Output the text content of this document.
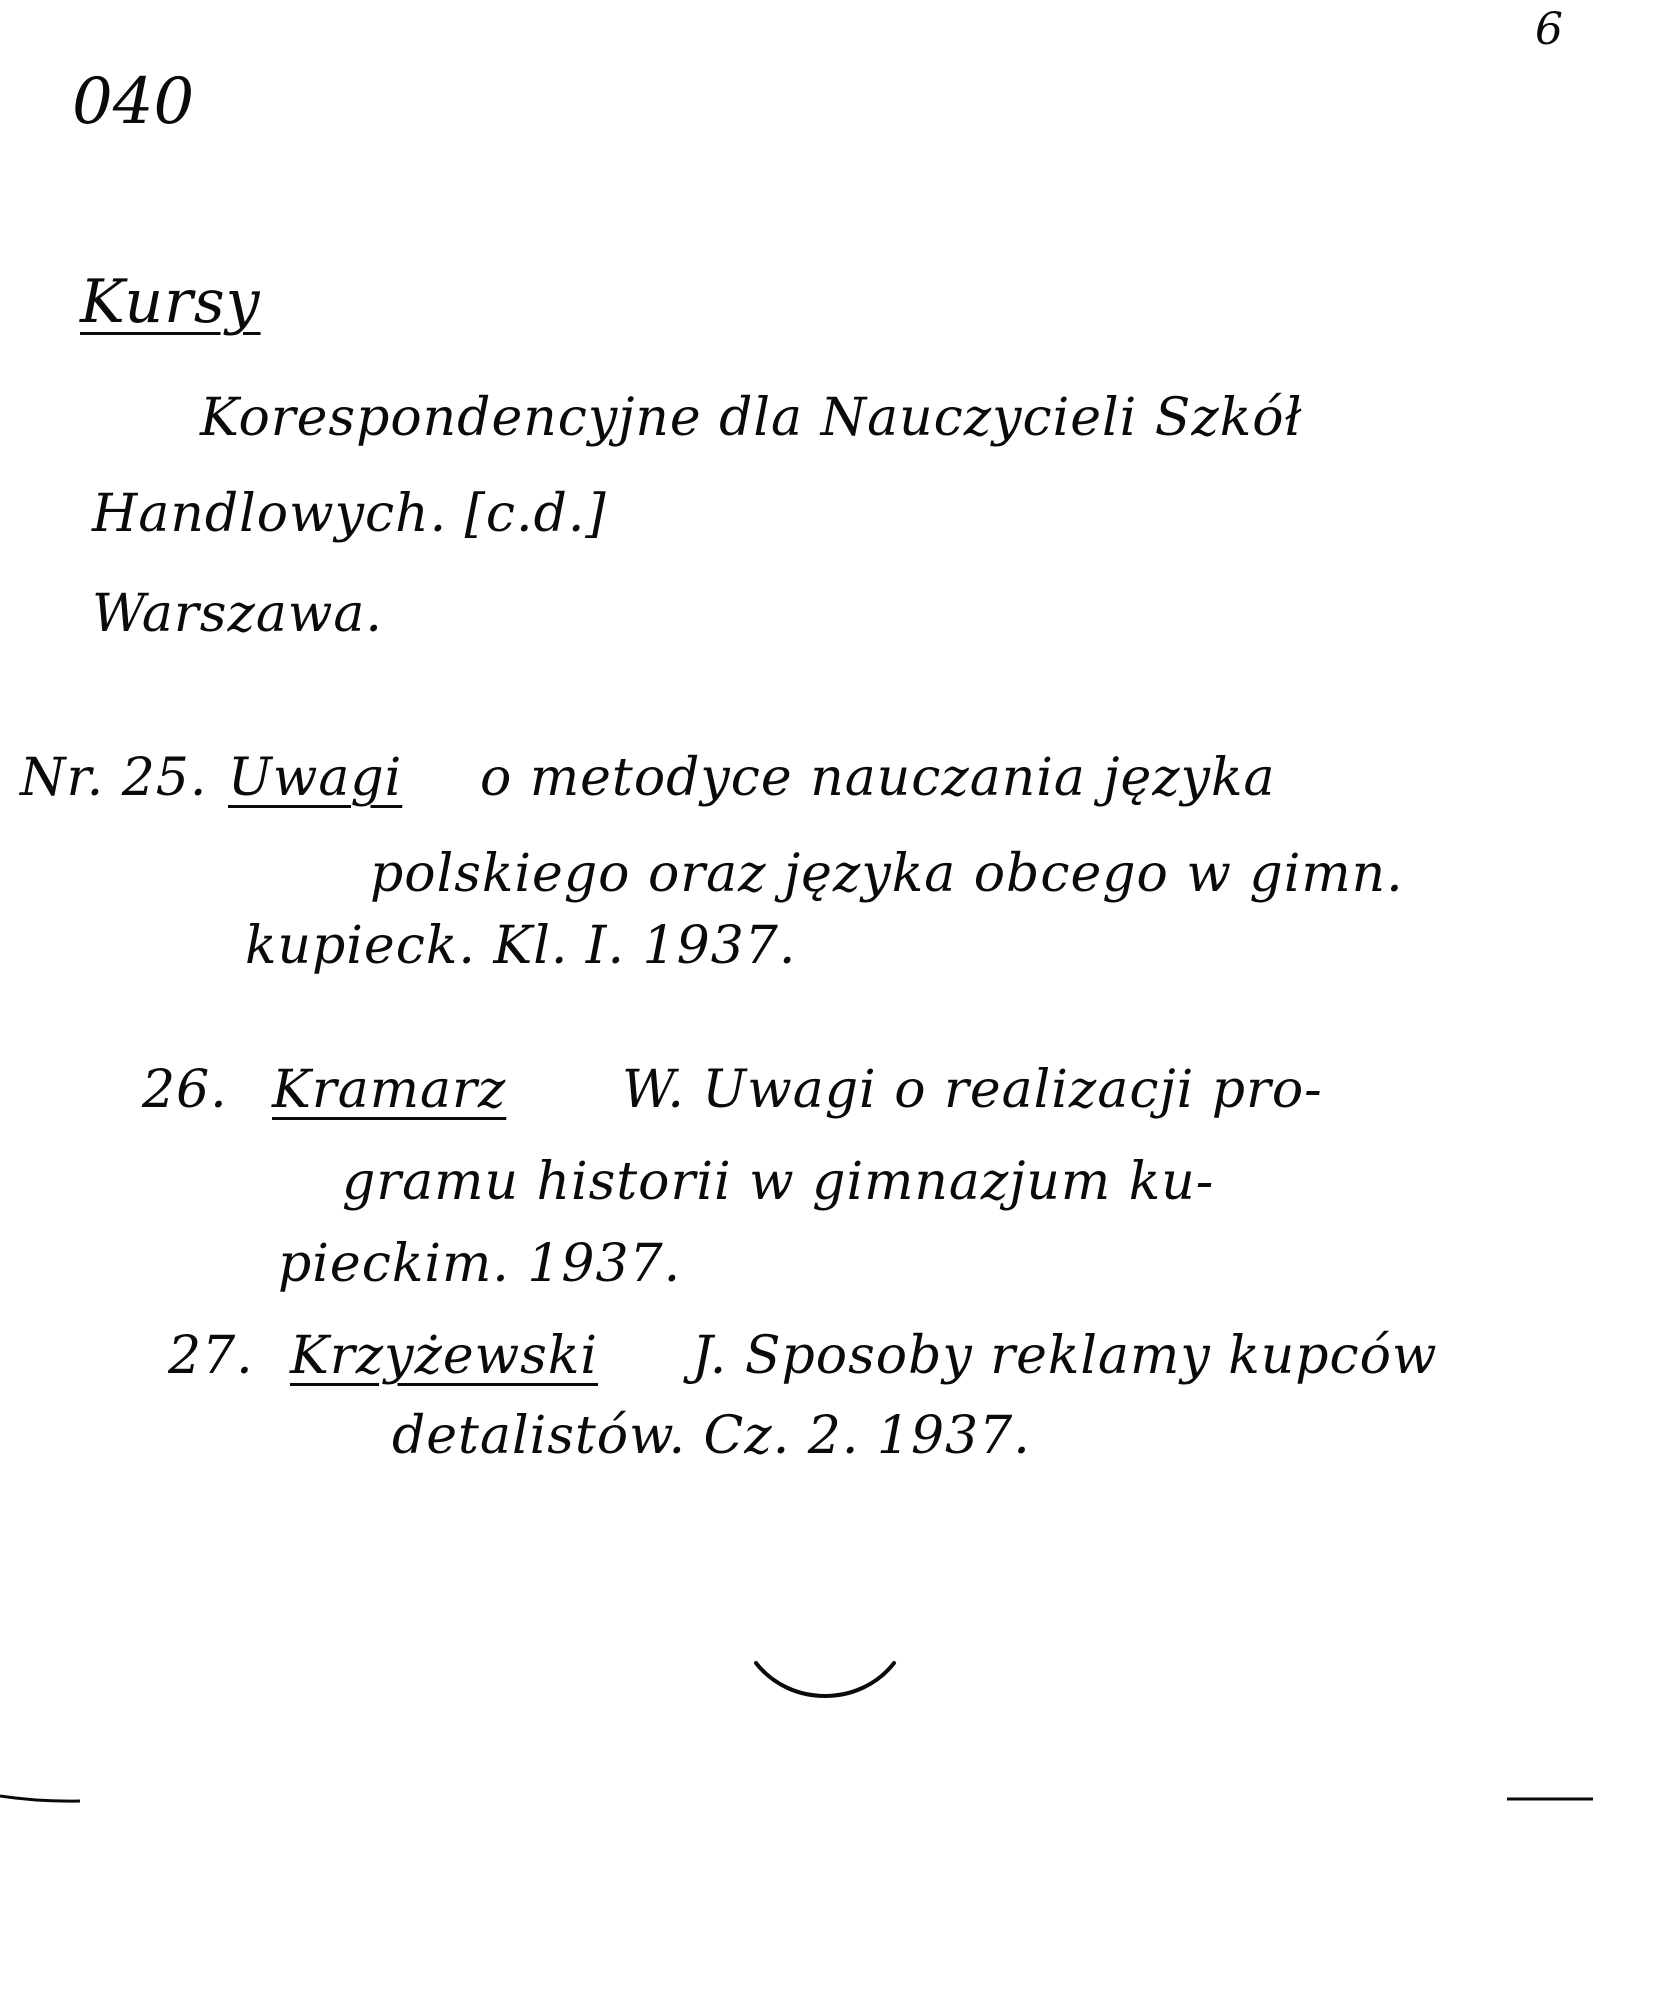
6
040
Kursy
Korespondencyjne dla Nauczycieli Szkół
Handlowych. [c.d.]
Warszawa.
Nr. 25. Uwagi o metodyce nauczania języka
polskiego oraz języka obcego w gimn.
kupieck. Kl. I. 1937.
26. Kramarz W. Uwagi o realizacji pro-
gramu historii w gimnazjum ku-
pieckim. 1937.
27. Krzyżewski J. Sposoby reklamy kupców
detalistów. Cz. 2. 1937.
